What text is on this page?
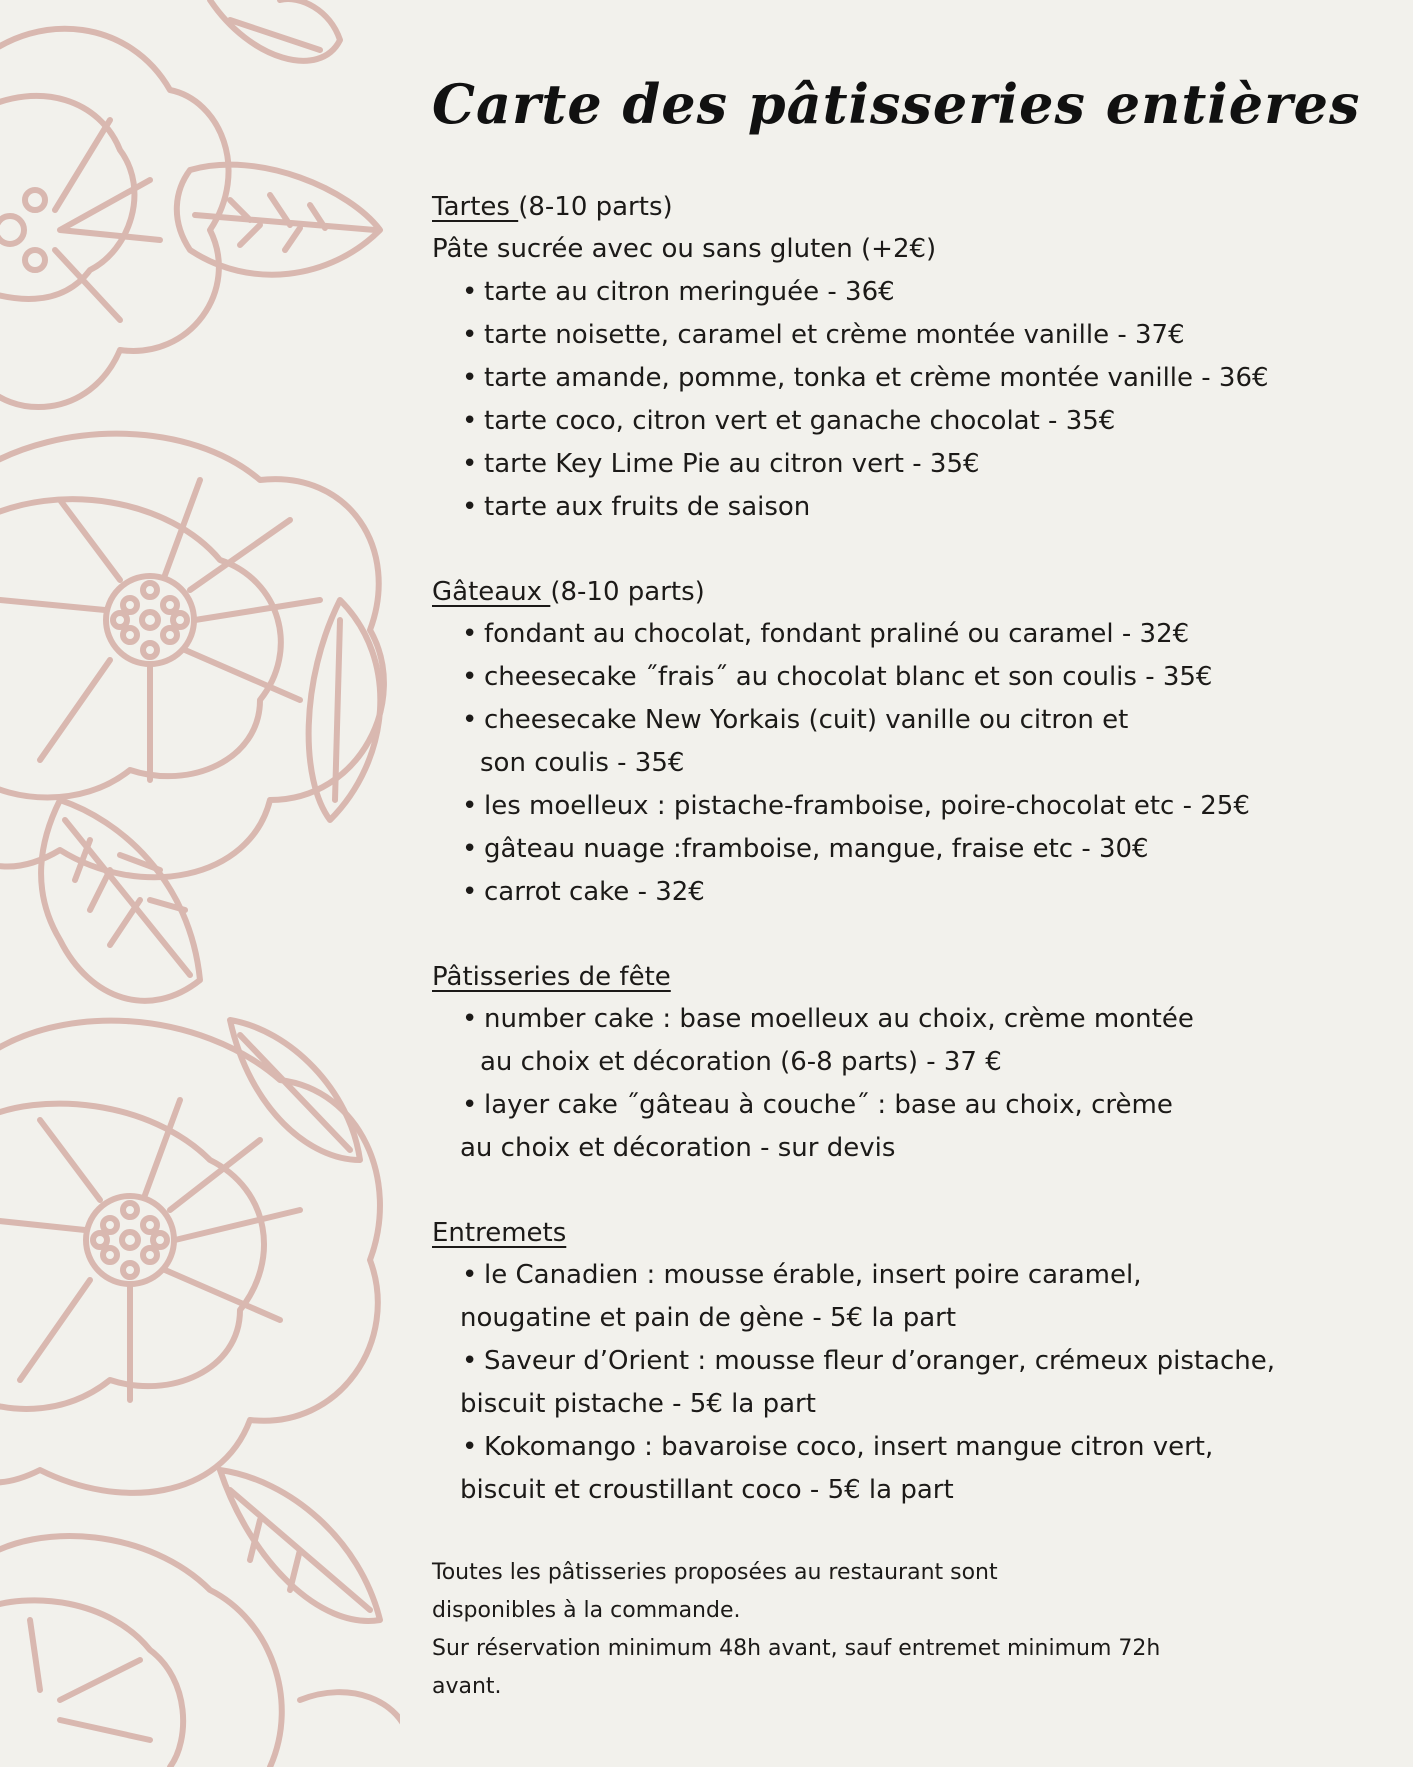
Carte des pâtisseries entières
Tartes (8-10 parts)
Pâte sucrée avec ou sans gluten (+2€)
• tarte au citron meringuée - 36€
• tarte noisette, caramel et crème montée vanille - 37€
• tarte amande, pomme, tonka et crème montée vanille - 36€
• tarte coco, citron vert et ganache chocolat - 35€
• tarte Key Lime Pie au citron vert - 35€
• tarte aux fruits de saison
Gâteaux (8-10 parts)
• fondant au chocolat, fondant praliné ou caramel - 32€
• cheesecake ˝frais˝ au chocolat blanc et son coulis - 35€
• cheesecake New Yorkais (cuit) vanille ou citron et
son coulis - 35€
• les moelleux : pistache-framboise, poire-chocolat etc - 25€
• gâteau nuage :framboise, mangue, fraise etc - 30€
• carrot cake - 32€
Pâtisseries de fête
• number cake : base moelleux au choix, crème montée
au choix et décoration (6-8 parts) - 37 €
• layer cake ˝gâteau à couche˝ : base au choix, crème
au choix et décoration - sur devis
Entremets
• le Canadien : mousse érable, insert poire caramel,
nougatine et pain de gène - 5€ la part
• Saveur d’Orient : mousse fleur d’oranger, crémeux pistache,
biscuit pistache - 5€ la part
• Kokomango : bavaroise coco, insert mangue citron vert,
biscuit et croustillant coco - 5€ la part
Toutes les pâtisseries proposées au restaurant sont
disponibles à la commande.
Sur réservation minimum 48h avant, sauf entremet minimum 72h
avant.
